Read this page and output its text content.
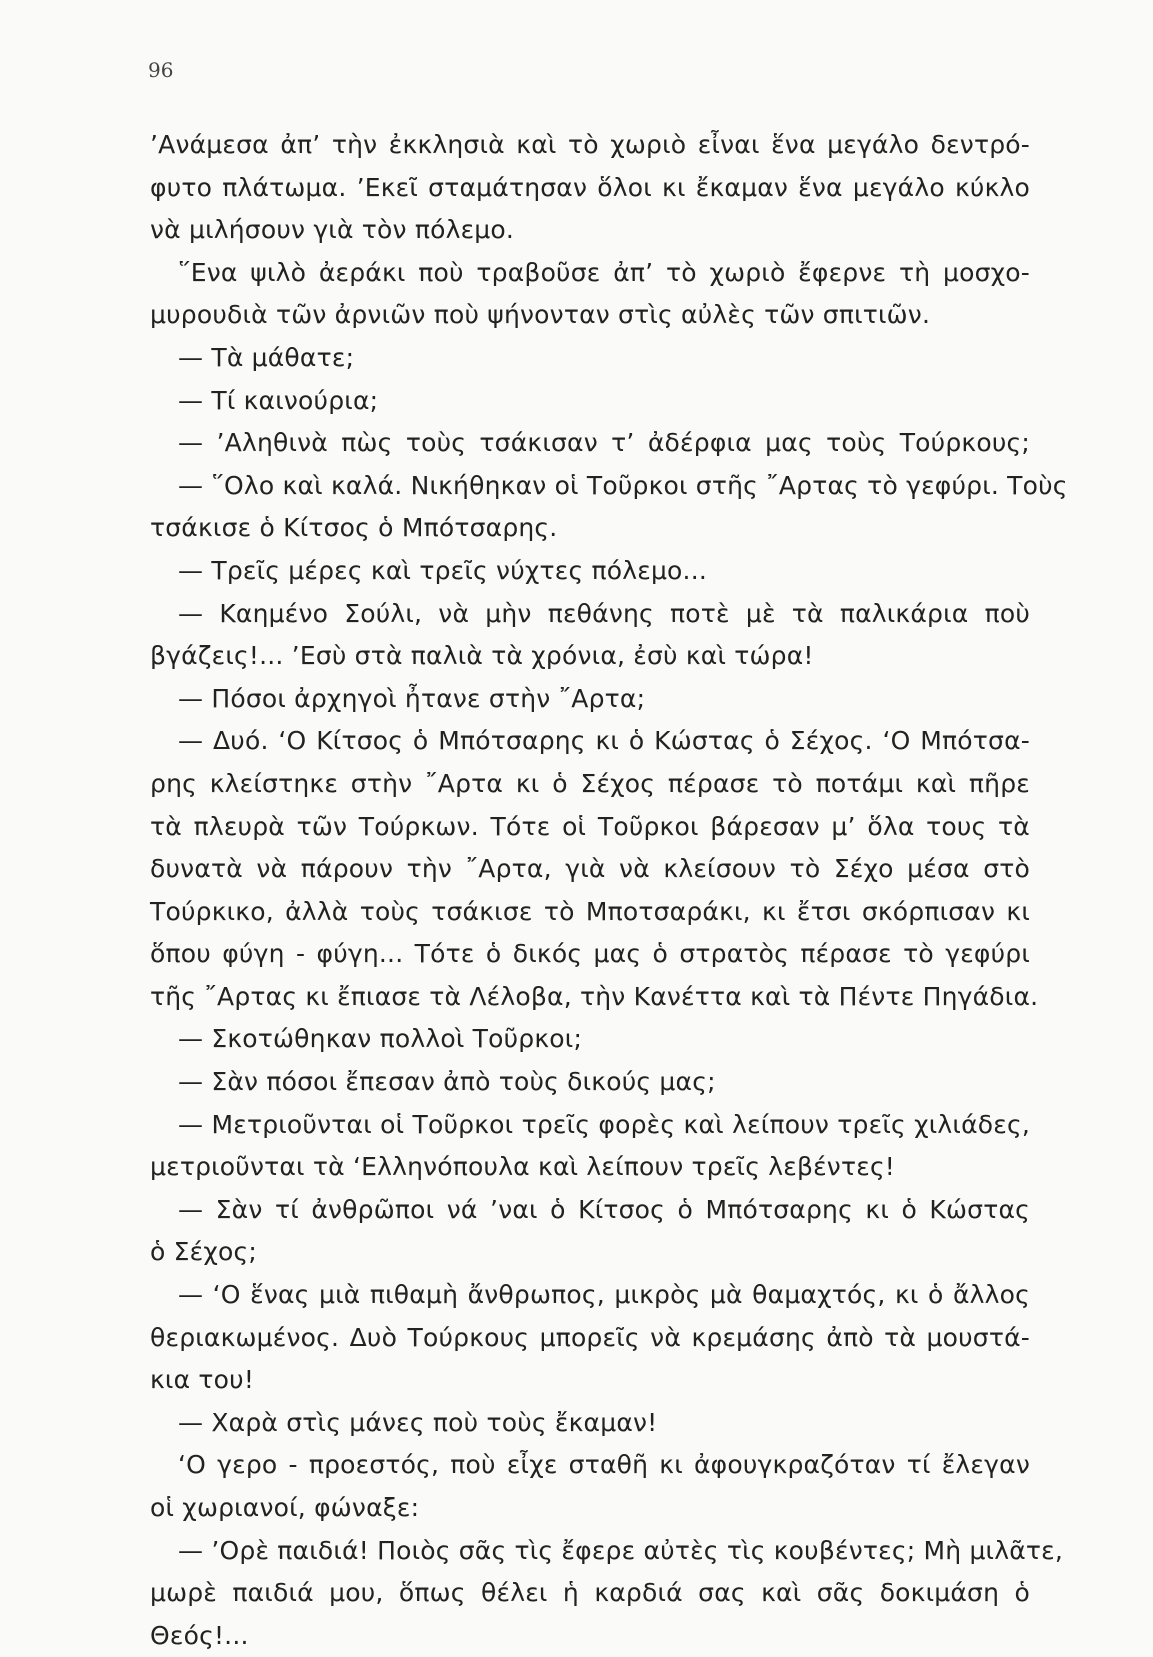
96
’Ανάμεσα ἀπ’ τὴν ἐκκλησιὰ καὶ τὸ χωριὸ εἶναι ἕνα μεγάλο δεντρό-
φυτο πλάτωμα. ’Εκεῖ σταμάτησαν ὅλοι κι ἔκαμαν ἕνα μεγάλο κύκλο
νὰ μιλήσουν γιὰ τὸν πόλεμο.
῞Ενα ψιλὸ ἀεράκι ποὺ τραβοῦσε ἀπ’ τὸ χωριὸ ἔφερνε τὴ μοσχο-
μυρουδιὰ τῶν ἀρνιῶν ποὺ ψήνονταν στὶς αὐλὲς τῶν σπιτιῶν.
— Τὰ μάθατε;
— Τί καινούρια;
— ’Αληθινὰ πὼς τοὺς τσάκισαν τ’ ἀδέρφια μας τοὺς Τούρκους;
— ῞Ολο καὶ καλά. Νικήθηκαν οἱ Τοῦρκοι στῆς ῎Αρτας τὸ γεφύρι. Τοὺς
τσάκισε ὁ Κίτσος ὁ Μπότσαρης.
— Τρεῖς μέρες καὶ τρεῖς νύχτες πόλεμο...
— Καημένο Σούλι, νὰ μὴν πεθάνης ποτὲ μὲ τὰ παλικάρια ποὺ
βγάζεις!... ’Εσὺ στὰ παλιὰ τὰ χρόνια, ἐσὺ καὶ τώρα!
— Πόσοι ἀρχηγοὶ ἦτανε στὴν ῎Αρτα;
— Δυό. ‘Ο Κίτσος ὁ Μπότσαρης κι ὁ Κώστας ὁ Σέχος. ‘Ο Μπότσα-
ρης κλείστηκε στὴν ῎Αρτα κι ὁ Σέχος πέρασε τὸ ποτάμι καὶ πῆρε
τὰ πλευρὰ τῶν Τούρκων. Τότε οἱ Τοῦρκοι βάρεσαν μ’ ὅλα τους τὰ
δυνατὰ νὰ πάρουν τὴν ῎Αρτα, γιὰ νὰ κλείσουν τὸ Σέχο μέσα στὸ
Τούρκικο, ἀλλὰ τοὺς τσάκισε τὸ Μποτσαράκι, κι ἔτσι σκόρπισαν κι
ὅπου φύγη - φύγη... Τότε ὁ δικός μας ὁ στρατὸς πέρασε τὸ γεφύρι
τῆς ῎Αρτας κι ἔπιασε τὰ Λέλοβα, τὴν Κανέττα καὶ τὰ Πέντε Πηγάδια.
— Σκοτώθηκαν πολλοὶ Τοῦρκοι;
— Σὰν πόσοι ἔπεσαν ἀπὸ τοὺς δικούς μας;
— Μετριοῦνται οἱ Τοῦρκοι τρεῖς φορὲς καὶ λείπουν τρεῖς χιλιάδες,
μετριοῦνται τὰ ‘Ελληνόπουλα καὶ λείπουν τρεῖς λεβέντες!
— Σὰν τί ἀνθρῶποι νά ’ναι ὁ Κίτσος ὁ Μπότσαρης κι ὁ Κώστας
ὁ Σέχος;
— ‘Ο ἕνας μιὰ πιθαμὴ ἄνθρωπος, μικρὸς μὰ θαμαχτός, κι ὁ ἄλλος
θεριακωμένος. Δυὸ Τούρκους μπορεῖς νὰ κρεμάσης ἀπὸ τὰ μουστά-
κια του!
— Χαρὰ στὶς μάνες ποὺ τοὺς ἔκαμαν!
‘Ο γερο - προεστός, ποὺ εἶχε σταθῆ κι ἀφουγκραζόταν τί ἔλεγαν
οἱ χωριανοί, φώναξε:
— ’Ορὲ παιδιά! Ποιὸς σᾶς τὶς ἔφερε αὐτὲς τὶς κουβέντες; Μὴ μιλᾶτε,
μωρὲ παιδιά μου, ὅπως θέλει ἡ καρδιά σας καὶ σᾶς δοκιμάση ὁ
Θεός!...
